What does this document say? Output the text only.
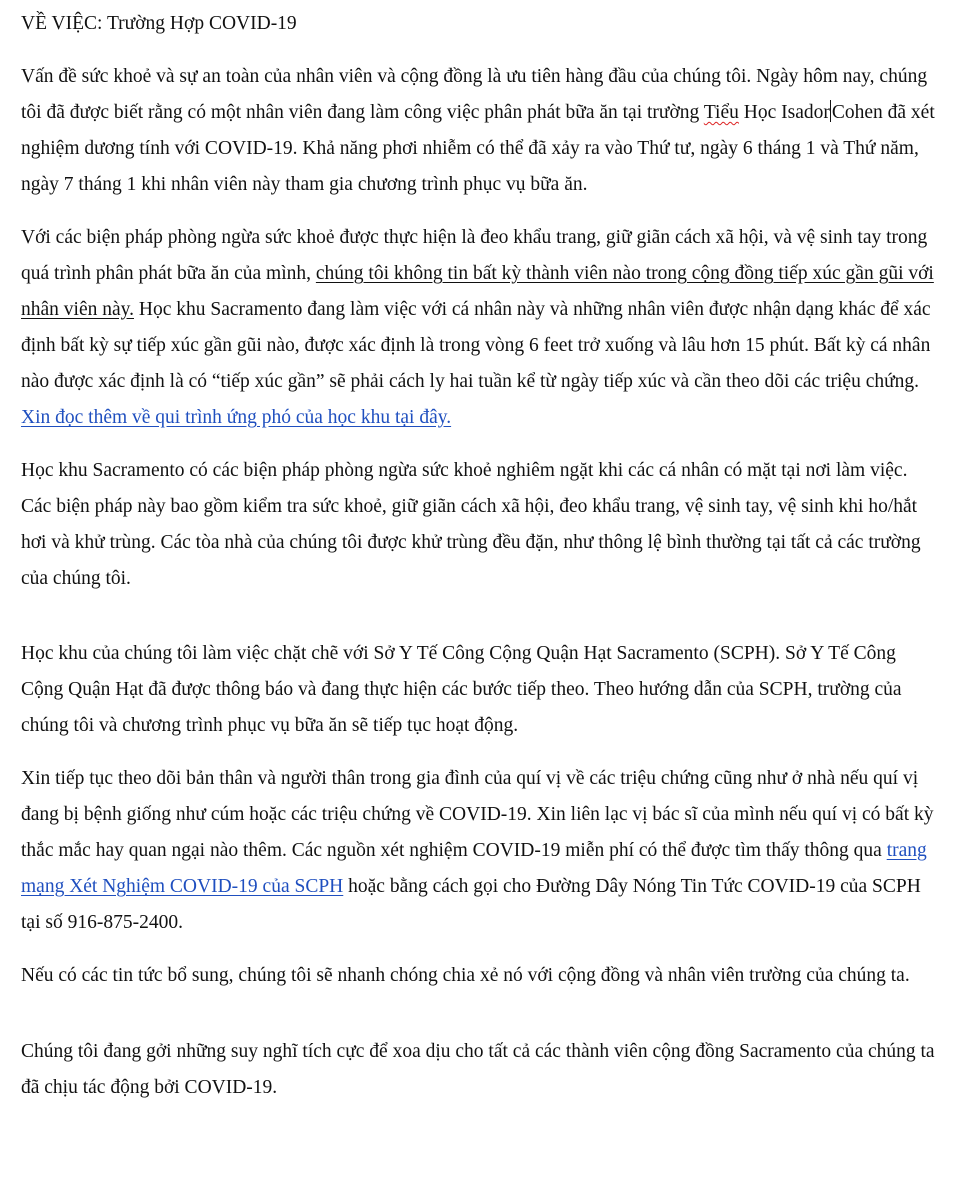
VỀ VIỆC: Trường Hợp COVID-19

Vấn đề sức khoẻ và sự an toàn của nhân viên và cộng đồng là ưu tiên hàng đầu của chúng tôi. Ngày hôm nay, chúng tôi đã được biết rằng có một nhân viên đang làm công việc phân phát bữa ăn tại trường Tiểu Học Isador Cohen đã xét nghiệm dương tính với COVID-19. Khả năng phơi nhiễm có thể đã xảy ra vào Thứ tư, ngày 6 tháng 1 và Thứ năm, ngày 7 tháng 1 khi nhân viên này tham gia chương trình phục vụ bữa ăn.

Với các biện pháp phòng ngừa sức khoẻ được thực hiện là đeo khẩu trang, giữ giãn cách xã hội, và vệ sinh tay trong quá trình phân phát bữa ăn của mình, chúng tôi không tin bất kỳ thành viên nào trong cộng đồng tiếp xúc gần gũi với nhân viên này. Học khu Sacramento đang làm việc với cá nhân này và những nhân viên được nhận dạng khác để xác định bất kỳ sự tiếp xúc gần gũi nào, được xác định là trong vòng 6 feet trở xuống và lâu hơn 15 phút. Bất kỳ cá nhân nào được xác định là có “tiếp xúc gần” sẽ phải cách ly hai tuần kể từ ngày tiếp xúc và cần theo dõi các triệu chứng. Xin đọc thêm về qui trình ứng phó của học khu tại đây.

Học khu Sacramento có các biện pháp phòng ngừa sức khoẻ nghiêm ngặt khi các cá nhân có mặt tại nơi làm việc. Các biện pháp này bao gồm kiểm tra sức khoẻ, giữ giãn cách xã hội, đeo khẩu trang, vệ sinh tay, vệ sinh khi ho/hắt hơi và khử trùng. Các tòa nhà của chúng tôi được khử trùng đều đặn, như thông lệ bình thường tại tất cả các trường của chúng tôi.

Học khu của chúng tôi làm việc chặt chẽ với Sở Y Tế Công Cộng Quận Hạt Sacramento (SCPH). Sở Y Tế Công Cộng Quận Hạt đã được thông báo và đang thực hiện các bước tiếp theo. Theo hướng dẫn của SCPH, trường của chúng tôi và chương trình phục vụ bữa ăn sẽ tiếp tục hoạt động.

Xin tiếp tục theo dõi bản thân và người thân trong gia đình của quí vị về các triệu chứng cũng như ở nhà nếu quí vị đang bị bệnh giống như cúm hoặc các triệu chứng về COVID-19. Xin liên lạc vị bác sĩ của mình nếu quí vị có bất kỳ thắc mắc hay quan ngại nào thêm. Các nguồn xét nghiệm COVID-19 miễn phí có thể được tìm thấy thông qua trang mạng Xét Nghiệm COVID-19 của SCPH hoặc bằng cách gọi cho Đường Dây Nóng Tin Tức COVID-19 của SCPH tại số 916-875-2400.

Nếu có các tin tức bổ sung, chúng tôi sẽ nhanh chóng chia xẻ nó với cộng đồng và nhân viên trường của chúng ta.

Chúng tôi đang gởi những suy nghĩ tích cực để xoa dịu cho tất cả các thành viên cộng đồng Sacramento của chúng ta đã chịu tác động bởi COVID-19.
